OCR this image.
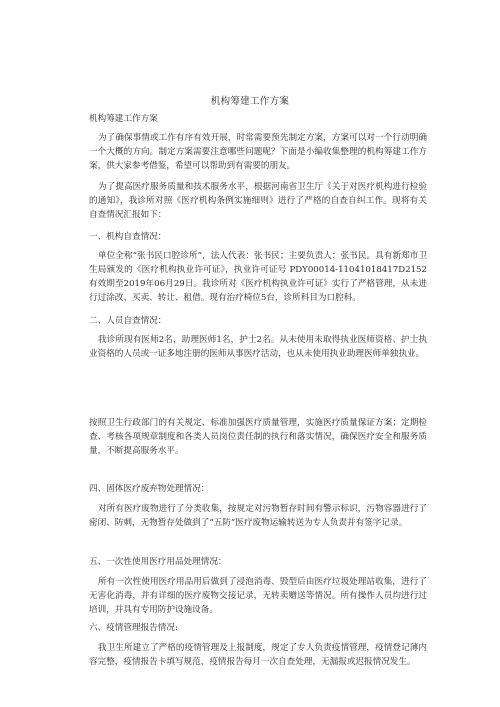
机构筹建工作方案
机构筹建工作方案
为了确保事情或工作有序有效开展，时常需要预先制定方案，方案可以对一个行动明确一个大概的方向。制定方案需要注意哪些问题呢？下面是小编收集整理的机构筹建工作方案，供大家参考借鉴，希望可以帮助到有需要的朋友。
为了提高医疗服务质量和技术服务水平，根据河南省卫生厅《关于对医疗机构进行检验的通知》，我诊所对照《医疗机构条例实施细则》进行了严格的自查自纠工作。现将有关自查情况汇报如下：
一、机构自查情况：
单位全称“张书民口腔诊所”，法人代表：张书民；主要负责人：张书民。具有新郑市卫生局颁发的《医疗机构执业许可证》，执业许可证号 PDY00014-11041018417D2152 有效期至2019年06月29日。我诊所对《医疗机构执业许可证》实行了严格管理，从未进行过涂改、买卖、转让、租借。现有治疗椅位5台，诊所科目为口腔科。
二、人员自查情况：
我诊所现有医师2名，助理医师1名，护士2名。从未使用未取得执业医师资格、护士执业资格的人员或一证多地注册的医师从事医疗活动，也从未使用执业助理医师单独执业。
按照卫生行政部门的有关规定、标准加强医疗质量管理，实施医疗质量保证方案；定期检查、考核各项规章制度和各类人员岗位责任制的执行和落实情况，确保医疗安全和服务质量，不断提高服务水平。
四、固体医疗废弃物处理情况：
对所有医疗废物进行了分类收集，按规定对污物暂存时间有警示标识，污物容器进行了密闭、防刺，无物暂存处做到了“五防”医疗废物运输转送为专人负责并有签字记录。
五、一次性使用医疗用品处理情况：
所有一次性使用医疗用品用后做到了浸泡消毒、毁型后由医疗垃圾处理站收集，进行了无害化消毒，并有详细的医疗废物交接记录，无转卖赠送等情况。所有操作人员均进行过培训，并具有专用防护设施设备。
六、疫情管理报告情况:
我卫生所建立了严格的疫情管理及上报制度，规定了专人负责疫情管理，疫情登记薄内容完整，疫情报告卡填写规范，疫情报告每月一次自查处理，无漏报或迟报情况发生。
